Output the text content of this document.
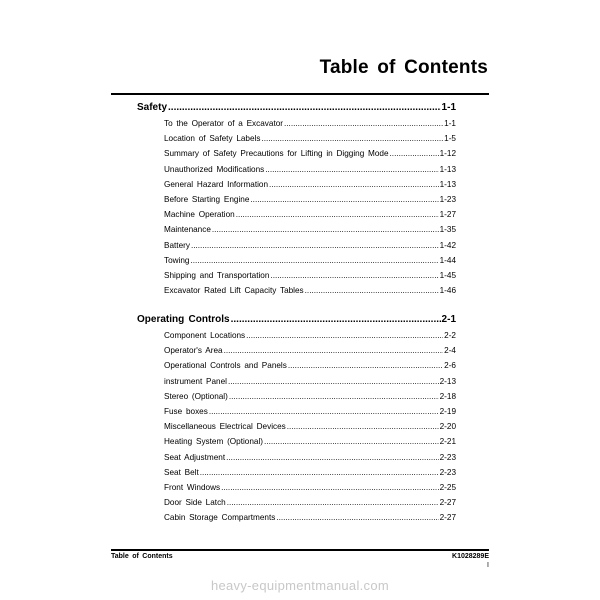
Table of Contents
Safety .....	1-1
To the Operator of a Excavator .....	1-1
Location of Safety Labels .....	1-5
Summary of Safety Precautions for Lifting in Digging Mode .....	1-12
Unauthorized Modifications .....	1-13
General Hazard Information .....	1-13
Before Starting Engine .....	1-23
Machine Operation .....	1-27
Maintenance .....	1-35
Battery .....	1-42
Towing .....	1-44
Shipping and Transportation .....	1-45
Excavator Rated Lift Capacity Tables .....	1-46
Operating Controls .....	2-1
Component Locations .....	2-2
Operator's Area .....	2-4
Operational Controls and Panels .....	2-6
instrument Panel .....	2-13
Stereo (Optional) .....	2-18
Fuse boxes .....	2-19
Miscellaneous Electrical Devices .....	2-20
Heating System (Optional) .....	2-21
Seat Adjustment .....	2-23
Seat Belt .....	2-23
Front Windows .....	2-25
Door Side Latch .....	2-27
Cabin Storage Compartments .....	2-27
Table of Contents	K1028289E
I
heavy-equipmentmanual.com
